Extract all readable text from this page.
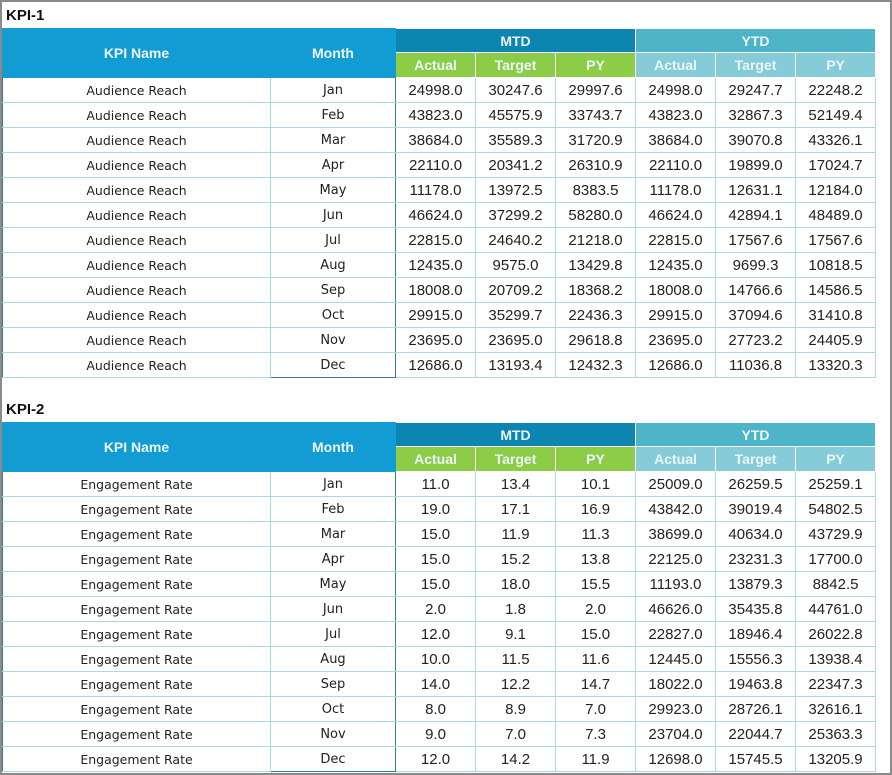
KPI-1
KPI Name	Month	MTD			YTD		
		Actual	Target	PY	Actual	Target	PY
Audience Reach	Jan	24998.0	30247.6	29997.6	24998.0	29247.7	22248.2
Audience Reach	Feb	43823.0	45575.9	33743.7	43823.0	32867.3	52149.4
Audience Reach	Mar	38684.0	35589.3	31720.9	38684.0	39070.8	43326.1
Audience Reach	Apr	22110.0	20341.2	26310.9	22110.0	19899.0	17024.7
Audience Reach	May	11178.0	13972.5	8383.5	11178.0	12631.1	12184.0
Audience Reach	Jun	46624.0	37299.2	58280.0	46624.0	42894.1	48489.0
Audience Reach	Jul	22815.0	24640.2	21218.0	22815.0	17567.6	17567.6
Audience Reach	Aug	12435.0	9575.0	13429.8	12435.0	9699.3	10818.5
Audience Reach	Sep	18008.0	20709.2	18368.2	18008.0	14766.6	14586.5
Audience Reach	Oct	29915.0	35299.7	22436.3	29915.0	37094.6	31410.8
Audience Reach	Nov	23695.0	23695.0	29618.8	23695.0	27723.2	24405.9
Audience Reach	Dec	12686.0	13193.4	12432.3	12686.0	11036.8	13320.3
KPI-2
KPI Name	Month	MTD			YTD		
		Actual	Target	PY	Actual	Target	PY
Engagement Rate	Jan	11.0	13.4	10.1	25009.0	26259.5	25259.1
Engagement Rate	Feb	19.0	17.1	16.9	43842.0	39019.4	54802.5
Engagement Rate	Mar	15.0	11.9	11.3	38699.0	40634.0	43729.9
Engagement Rate	Apr	15.0	15.2	13.8	22125.0	23231.3	17700.0
Engagement Rate	May	15.0	18.0	15.5	11193.0	13879.3	8842.5
Engagement Rate	Jun	2.0	1.8	2.0	46626.0	35435.8	44761.0
Engagement Rate	Jul	12.0	9.1	15.0	22827.0	18946.4	26022.8
Engagement Rate	Aug	10.0	11.5	11.6	12445.0	15556.3	13938.4
Engagement Rate	Sep	14.0	12.2	14.7	18022.0	19463.8	22347.3
Engagement Rate	Oct	8.0	8.9	7.0	29923.0	28726.1	32616.1
Engagement Rate	Nov	9.0	7.0	7.3	23704.0	22044.7	25363.3
Engagement Rate	Dec	12.0	14.2	11.9	12698.0	15745.5	13205.9
